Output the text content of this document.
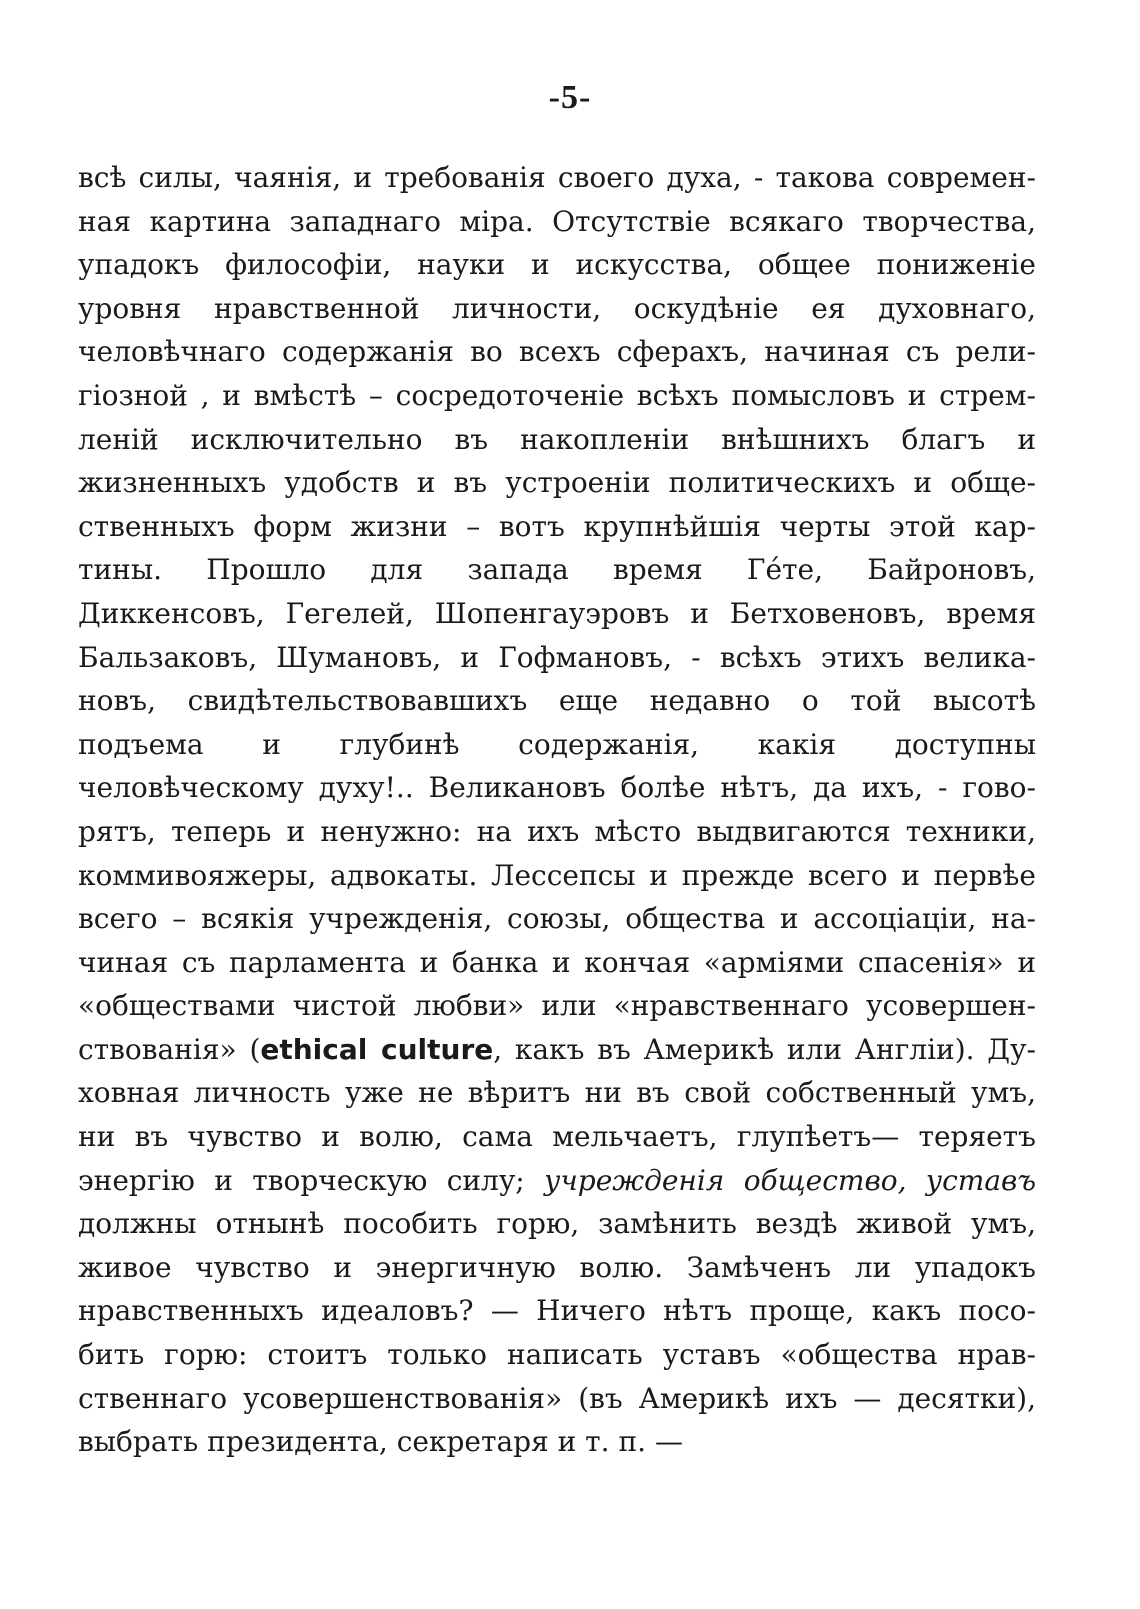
-5-
всѣ силы, чаянiя, и требованiя своего духа, - такова современ-
ная картина западнаго мiра. Отсутствiе всякаго творчества,
упадокъ философiи, науки и искусства, общее пониженiе
уровня нравственной личности, оскудѣнiе ея духовнаго,
человѣчнаго содержанiя во всехъ сферахъ, начиная съ рели-
гiозной , и вмѣстѣ – сосредоточенiе всѣхъ помысловъ и стрем-
ленiй исключительно въ накопленiи внѣшнихъ благъ и
жизненныхъ удобств и въ устроенiи политическихъ и обще-
ственныхъ форм жизни – вотъ крупнѣйшiя черты этой кар-
тины. Прошло для запада время Ге́те, Байроновъ,
Диккенсовъ, Гегелей, Шопенгауэровъ и Бетховеновъ, время
Бальзаковъ, Шумановъ, и Гофмановъ, - всѣхъ этихъ велика-
новъ, свидѣтельствовавшихъ еще недавно о той высотѣ
подъема и глубинѣ содержанiя, какiя доступны
человѣческому духу!.. Великановъ болѣе нѣтъ, да ихъ, - гово-
рятъ, теперь и ненужно: на ихъ мѣсто выдвигаются техники,
коммивояжеры, адвокаты. Лессепсы и прежде всего и первѣе
всего – всякiя учрежденiя, союзы, общества и ассоцiацiи, на-
чиная съ парламента и банка и кончая «армiями спасенiя» и
«обществами чистой любви» или «нравственнаго усовершен-
ствованiя» (ethical culture, какъ въ Америкѣ или Англiи). Ду-
ховная личность уже не вѣритъ ни въ свой собственный умъ,
ни въ чувство и волю, сама мельчаетъ, глупѣетъ— теряетъ
энергiю и творческую силу; учрежденiя общество, уставъ
должны отнынѣ пособить горю, замѣнить вездѣ живой умъ,
живое чувство и энергичную волю. Замѣченъ ли упадокъ
нравственныхъ идеаловъ? — Ничего нѣтъ проще, какъ посо-
бить горю: стоитъ только написать уставъ «общества нрав-
ственнаго усовершенствованiя» (въ Америкѣ ихъ — десятки),
выбрать президента, секретаря и т. п. —
